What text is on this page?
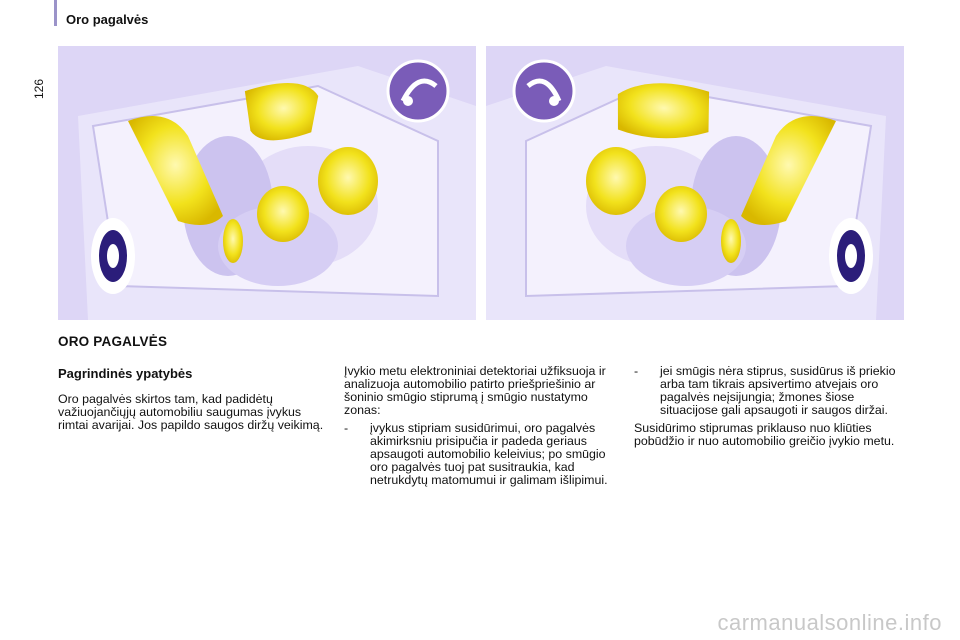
Oro pagalvės
126
ORO PAGALVĖS
Pagrindinės ypatybės

Oro pagalvės skirtos tam, kad padidėtų važiuojančiųjų automobiliu saugumas įvykus rimtai avarijai. Jos papildo saugos diržų veikimą.

Įvykio metu elektroniniai detektoriai užfiksuoja ir analizuoja automobilio patirto priešpriešinio ar šoninio smūgio stiprumą į smūgio nustatymo zonas:

-	įvykus stipriam susidūrimui, oro pagalvės akimirksniu prisipučia ir padeda geriaus apsaugoti automobilio keleivius; po smūgio oro pagalvės tuoj pat susitraukia, kad netrukdytų matomumui ir galimam išlipimui.
-	jei smūgis nėra stiprus, susidūrus iš priekio arba tam tikrais apsivertimo atvejais oro pagalvės neįsijungia; žmones šiose situacijose gali apsaugoti ir saugos diržai.

Susidūrimo stiprumas priklauso nuo kliūties pobūdžio ir nuo automobilio greičio įvykio metu.

carmanualsonline.info
